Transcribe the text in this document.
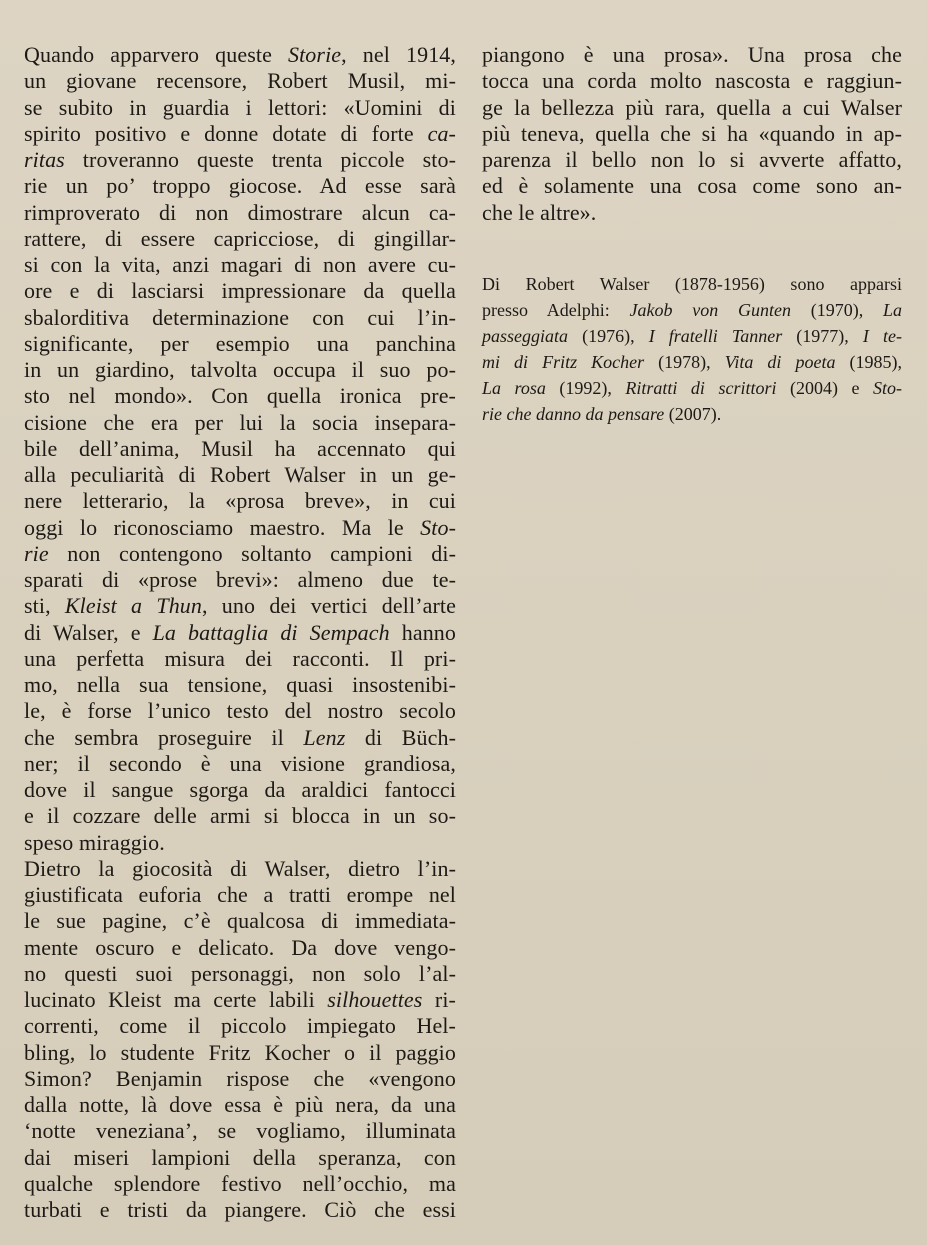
Quando apparvero queste Storie, nel 1914,
un giovane recensore, Robert Musil, mi-
se subito in guardia i lettori: «Uomini di
spirito positivo e donne dotate di forte ca-
ritas troveranno queste trenta piccole sto-
rie un po’ troppo giocose. Ad esse sarà
rimproverato di non dimostrare alcun ca-
rattere, di essere capricciose, di gingillar-
si con la vita, anzi magari di non avere cu-
ore e di lasciarsi impressionare da quella
sbalorditiva determinazione con cui l’in-
significante, per esempio una panchina
in un giardino, talvolta occupa il suo po-
sto nel mondo». Con quella ironica pre-
cisione che era per lui la socia insepara-
bile dell’anima, Musil ha accennato qui
alla peculiarità di Robert Walser in un ge-
nere letterario, la «prosa breve», in cui
oggi lo riconosciamo maestro. Ma le Sto-
rie non contengono soltanto campioni di-
sparati di «prose brevi»: almeno due te-
sti, Kleist a Thun, uno dei vertici dell’arte
di Walser, e La battaglia di Sempach hanno
una perfetta misura dei racconti. Il pri-
mo, nella sua tensione, quasi insostenibi-
le, è forse l’unico testo del nostro secolo
che sembra proseguire il Lenz di Büch-
ner; il secondo è una visione grandiosa,
dove il sangue sgorga da araldici fantocci
e il cozzare delle armi si blocca in un so-
speso miraggio.
Dietro la giocosità di Walser, dietro l’in-
giustificata euforia che a tratti erompe nel
le sue pagine, c’è qualcosa di immediata-
mente oscuro e delicato. Da dove vengo-
no questi suoi personaggi, non solo l’al-
lucinato Kleist ma certe labili silhouettes ri-
correnti, come il piccolo impiegato Hel-
bling, lo studente Fritz Kocher o il paggio
Simon? Benjamin rispose che «vengono
dalla notte, là dove essa è più nera, da una
‘notte veneziana’, se vogliamo, illuminata
dai miseri lampioni della speranza, con
qualche splendore festivo nell’occhio, ma
turbati e tristi da piangere. Ciò che essi
piangono è una prosa». Una prosa che
tocca una corda molto nascosta e raggiun-
ge la bellezza più rara, quella a cui Walser
più teneva, quella che si ha «quando in ap-
parenza il bello non lo si avverte affatto,
ed è solamente una cosa come sono an-
che le altre».
Di Robert Walser (1878-1956) sono apparsi
presso Adelphi: Jakob von Gunten (1970), La
passeggiata (1976), I fratelli Tanner (1977), I te-
mi di Fritz Kocher (1978), Vita di poeta (1985),
La rosa (1992), Ritratti di scrittori (2004) e Sto-
rie che danno da pensare (2007).
